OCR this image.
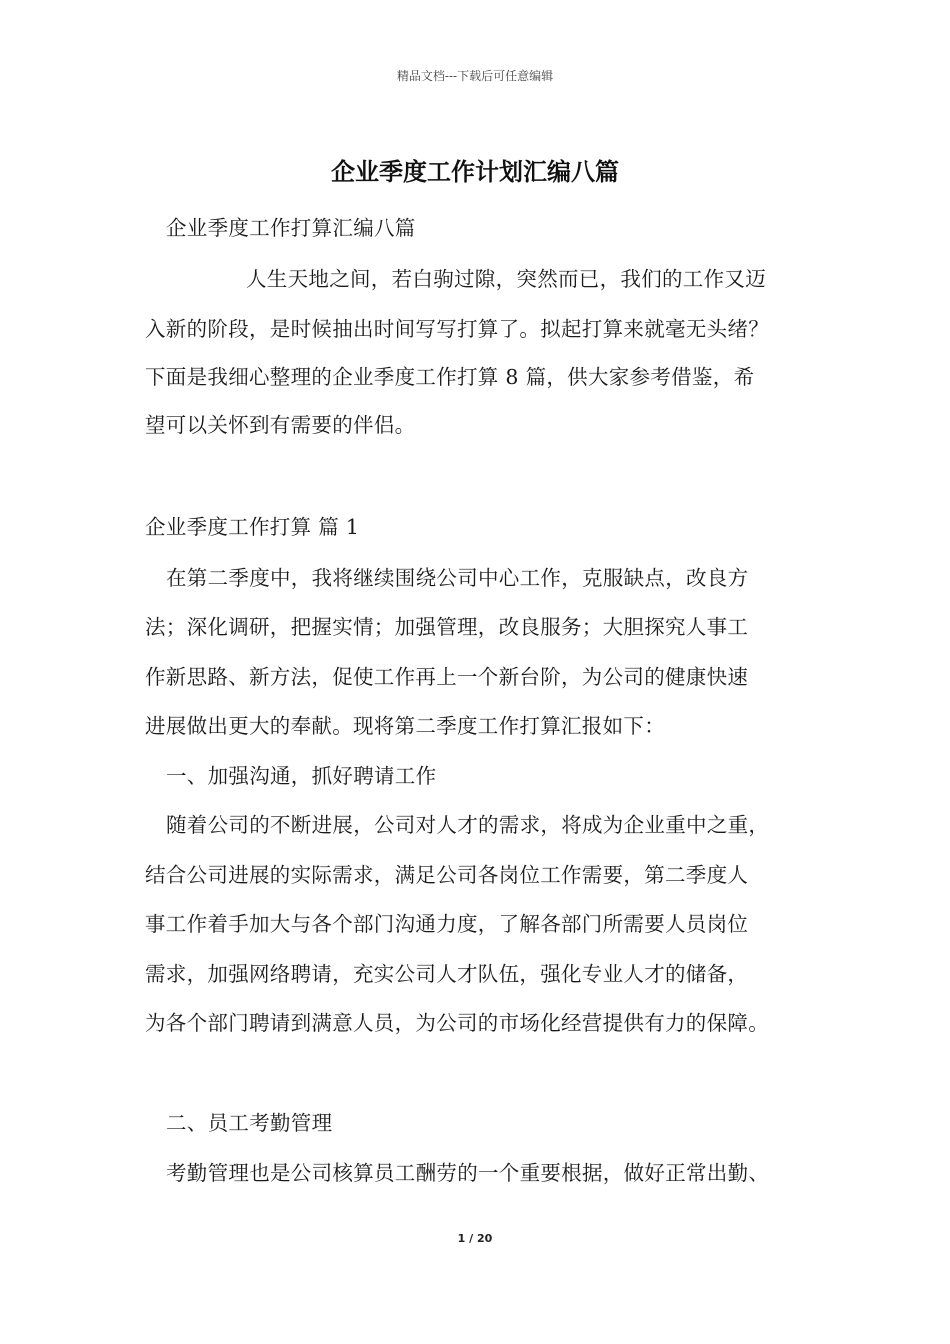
精品文档---下载后可任意编辑
企业季度工作计划汇编八篇
企业季度工作打算汇编八篇
人生天地之间，若白驹过隙，突然而已，我们的工作又迈
入新的阶段，是时候抽出时间写写打算了。拟起打算来就毫无头绪？
下面是我细心整理的企业季度工作打算 8 篇，供大家参考借鉴，希
望可以关怀到有需要的伴侣。
企业季度工作打算 篇 1
在第二季度中，我将继续围绕公司中心工作，克服缺点，改良方
法；深化调研，把握实情；加强管理，改良服务；大胆探究人事工
作新思路、新方法，促使工作再上一个新台阶，为公司的健康快速
进展做出更大的奉献。现将第二季度工作打算汇报如下：
一、加强沟通，抓好聘请工作
随着公司的不断进展，公司对人才的需求，将成为企业重中之重，
结合公司进展的实际需求，满足公司各岗位工作需要，第二季度人
事工作着手加大与各个部门沟通力度，了解各部门所需要人员岗位
需求，加强网络聘请，充实公司人才队伍，强化专业人才的储备，
为各个部门聘请到满意人员，为公司的市场化经营提供有力的保障。
二、员工考勤管理
考勤管理也是公司核算员工酬劳的一个重要根据，做好正常出勤、
1 / 20
